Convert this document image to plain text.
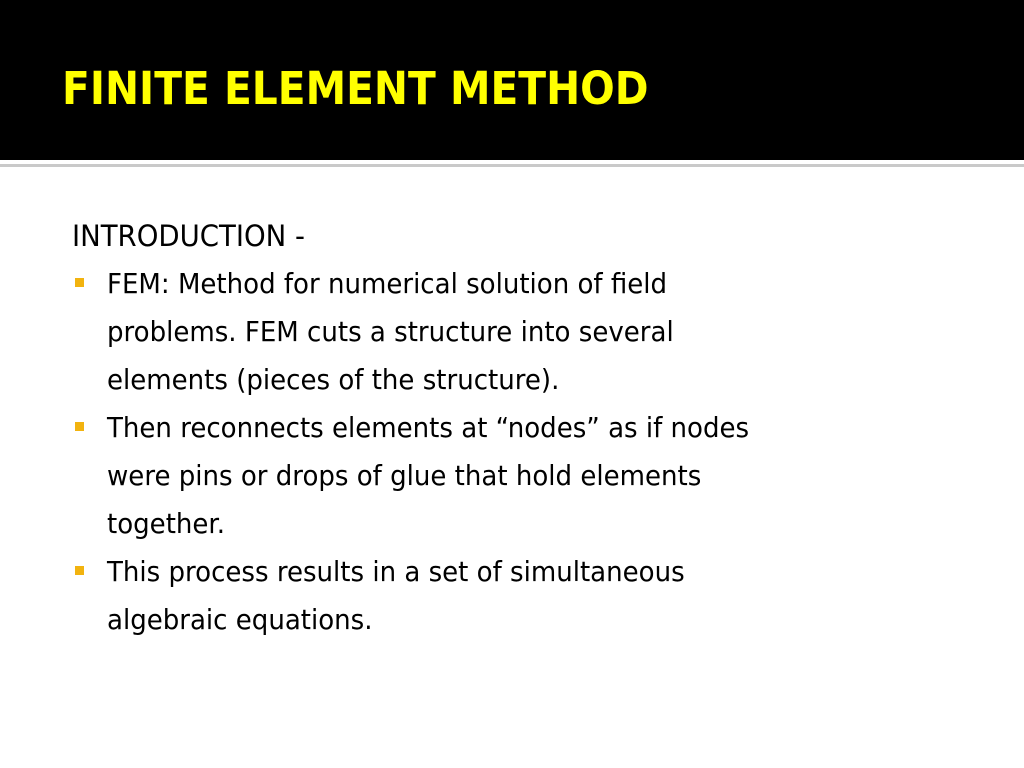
FINITE ELEMENT METHOD
INTRODUCTION -
FEM: Method for numerical solution of field
problems. FEM cuts a structure into several
elements (pieces of the structure).
Then reconnects elements at “nodes” as if nodes
were pins or drops of glue that hold elements
together.
This process results in a set of simultaneous
algebraic equations.
